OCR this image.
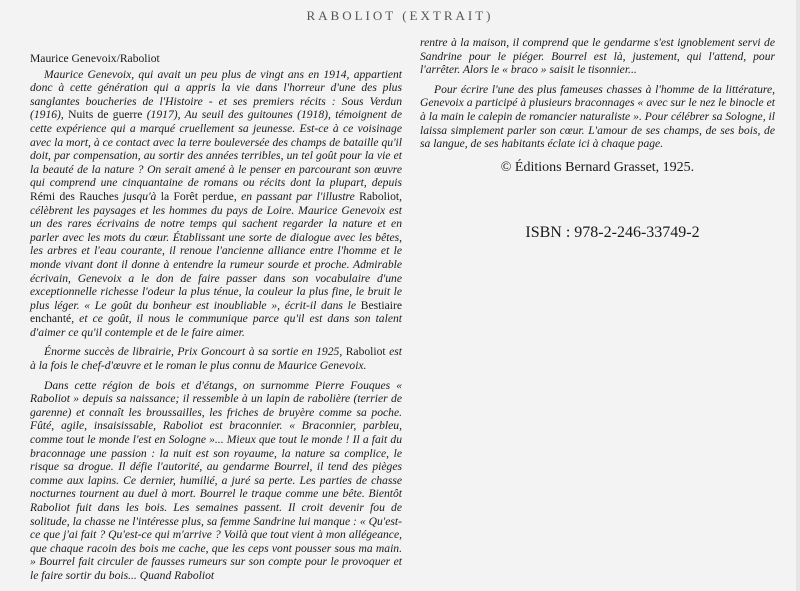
RABOLIOT (EXTRAIT)
Maurice Genevoix/Raboliot

Maurice Genevoix, qui avait un peu plus de vingt ans en 1914, appartient donc à cette génération qui a appris la vie dans l'horreur d'une des plus sanglantes boucheries de l'Histoire - et ses premiers récits : Sous Verdun (1916), Nuits de guerre (1917), Au seuil des guitounes (1918), témoignent de cette expérience qui a marqué cruellement sa jeunesse. Est-ce à ce voisinage avec la mort, à ce contact avec la terre bouleversée des champs de bataille qu'il doit, par compensation, au sortir des années terribles, un tel goût pour la vie et la beauté de la nature ? On serait amené à le penser en parcourant son œuvre qui comprend une cinquantaine de romans ou récits dont la plupart, depuis Rémi des Rauches jusqu'à la Forêt perdue, en passant par l'illustre Raboliot, célèbrent les paysages et les hommes du pays de Loire. Maurice Genevoix est un des rares écrivains de notre temps qui sachent regarder la nature et en parler avec les mots du cœur. Établissant une sorte de dialogue avec les bêtes, les arbres et l'eau courante, il renoue l'ancienne alliance entre l'homme et le monde vivant dont il donne à entendre la rumeur sourde et proche. Admirable écrivain, Genevoix a le don de faire passer dans son vocabulaire d'une exceptionnelle richesse l'odeur la plus ténue, la couleur la plus fine, le bruit le plus léger. « Le goût du bonheur est inoubliable », écrit-il dans le Bestiaire enchanté, et ce goût, il nous le communique parce qu'il est dans son talent d'aimer ce qu'il contemple et de le faire aimer.

Énorme succès de librairie, Prix Goncourt à sa sortie en 1925, Raboliot est à la fois le chef-d'œuvre et le roman le plus connu de Maurice Genevoix.

Dans cette région de bois et d'étangs, on surnomme Pierre Fouques « Raboliot » depuis sa naissance; il ressemble à un lapin de rabolière (terrier de garenne) et connaît les broussailles, les friches de bruyère comme sa poche. Fûté, agile, insaisissable, Raboliot est braconnier. « Braconnier, parbleu, comme tout le monde l'est en Sologne »... Mieux que tout le monde ! Il a fait du braconnage une passion : la nuit est son royaume, la nature sa complice, le risque sa drogue. Il défie l'autorité, au gendarme Bourrel, il tend des pièges comme aux lapins. Ce dernier, humilié, a juré sa perte. Les parties de chasse nocturnes tournent au duel à mort. Bourrel le traque comme une bête. Bientôt Raboliot fuit dans les bois. Les semaines passent. Il croit devenir fou de solitude, la chasse ne l'intéresse plus, sa femme Sandrine lui manque : « Qu'est-ce que j'ai fait ? Qu'est-ce qui m'arrive ? Voilà que tout vient à mon allégeance, que chaque racoin des bois me cache, que les ceps vont pousser sous ma main. » Bourrel fait circuler de fausses rumeurs sur son compte pour le provoquer et le faire sortir du bois... Quand Raboliot

rentre à la maison, il comprend que le gendarme s'est ignoblement servi de Sandrine pour le piéger. Bourrel est là, justement, qui l'attend, pour l'arrêter. Alors le « braco » saisit le tisonnier...

Pour écrire l'une des plus fameuses chasses à l'homme de la littérature, Genevoix a participé à plusieurs braconnages « avec sur le nez le binocle et à la main le calepin de romancier naturaliste ». Pour célébrer sa Sologne, il laissa simplement parler son cœur. L'amour de ses champs, de ses bois, de sa langue, de ses habitants éclate ici à chaque page.

© Éditions Bernard Grasset, 1925.
ISBN : 978-2-246-33749-2
